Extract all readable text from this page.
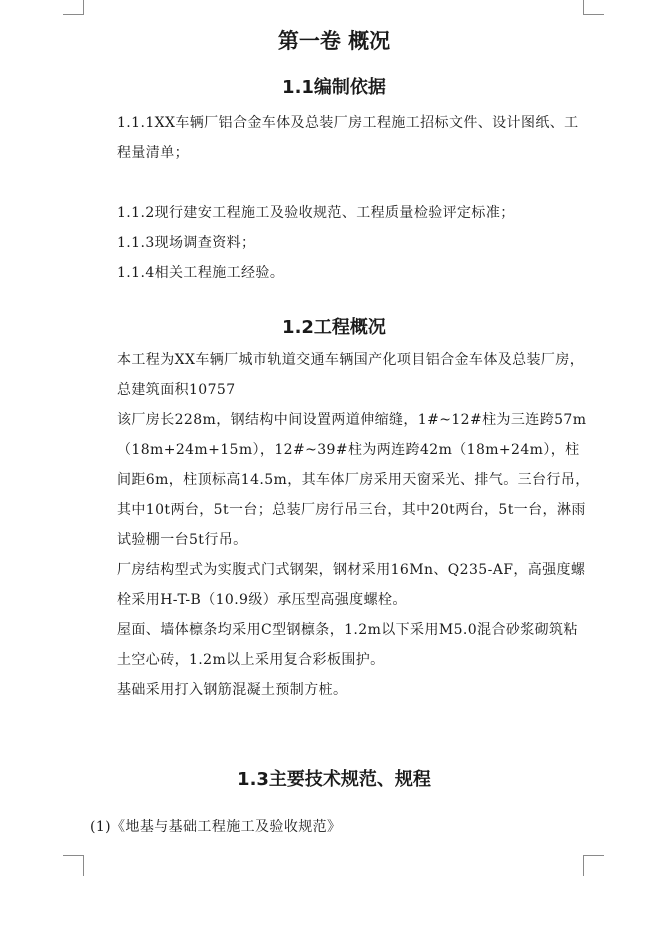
第一卷 概况
1.1编制依据
1.1.1XX车辆厂铝合金车体及总装厂房工程施工招标文件、设计图纸、工程量清单；
1.1.2现行建安工程施工及验收规范、工程质量检验评定标准；
1.1.3现场调查资料；
1.1.4相关工程施工经验。
1.2工程概况
本工程为XX车辆厂城市轨道交通车辆国产化项目铝合金车体及总装厂房，总建筑面积10757
该厂房长228m，钢结构中间设置两道伸缩缝，1#~12#柱为三连跨57m（18m+24m+15m），12#~39#柱为两连跨42m（18m+24m），柱间距6m，柱顶标高14.5m，其车体厂房采用天窗采光、排气。三台行吊，其中10t两台，5t一台；总装厂房行吊三台，其中20t两台，5t一台，淋雨试验棚一台5t行吊。
厂房结构型式为实腹式门式钢架，钢材采用16Mn、Q235-AF，高强度螺栓采用H-T-B（10.9级）承压型高强度螺栓。
屋面、墙体檩条均采用C型钢檩条，1.2m以下采用M5.0混合砂浆砌筑粘土空心砖，1.2m以上采用复合彩板围护。
基础采用打入钢筋混凝土预制方桩。
1.3主要技术规范、规程
(1)《地基与基础工程施工及验收规范》
